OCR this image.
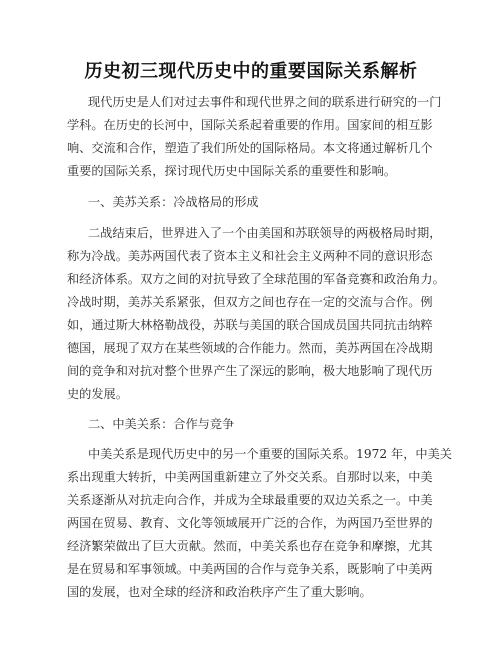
历史初三现代历史中的重要国际关系解析
现代历史是人们对过去事件和现代世界之间的联系进行研究的一门
学科。在历史的长河中，国际关系起着重要的作用。国家间的相互影
响、交流和合作，塑造了我们所处的国际格局。本文将通过解析几个
重要的国际关系，探讨现代历史中国际关系的重要性和影响。
一、美苏关系：冷战格局的形成
二战结束后，世界进入了一个由美国和苏联领导的两极格局时期，
称为冷战。美苏两国代表了资本主义和社会主义两种不同的意识形态
和经济体系。双方之间的对抗导致了全球范围的军备竞赛和政治角力。
冷战时期，美苏关系紧张，但双方之间也存在一定的交流与合作。例
如，通过斯大林格勒战役，苏联与美国的联合国成员国共同抗击纳粹
德国，展现了双方在某些领域的合作能力。然而，美苏两国在冷战期
间的竞争和对抗对整个世界产生了深远的影响，极大地影响了现代历
史的发展。
二、中美关系：合作与竞争
中美关系是现代历史中的另一个重要的国际关系。1972 年，中美关
系出现重大转折，中美两国重新建立了外交关系。自那时以来，中美
关系逐渐从对抗走向合作，并成为全球最重要的双边关系之一。中美
两国在贸易、教育、文化等领域展开广泛的合作，为两国乃至世界的
经济繁荣做出了巨大贡献。然而，中美关系也存在竞争和摩擦，尤其
是在贸易和军事领域。中美两国的合作与竞争关系，既影响了中美两
国的发展，也对全球的经济和政治秩序产生了重大影响。
